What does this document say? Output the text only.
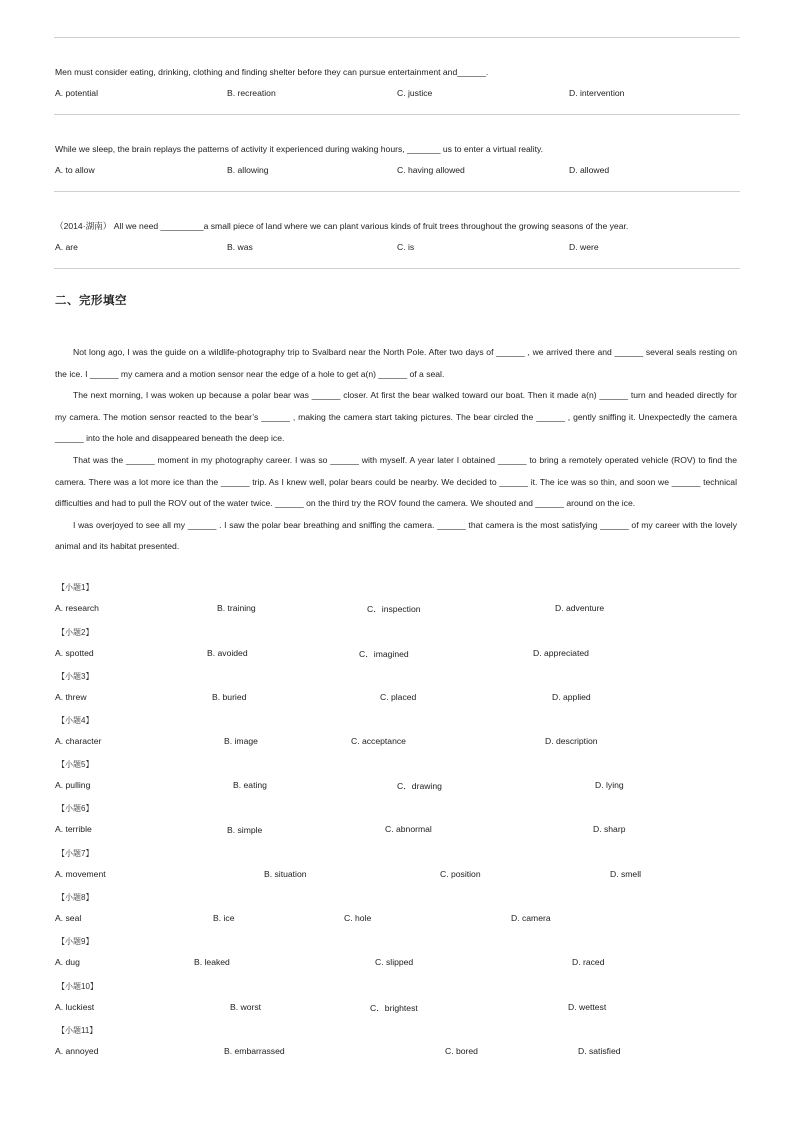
Men must consider eating, drinking, clothing and finding shelter before they can pursue entertainment and______.
A. potential	B. recreation	C. justice	D. intervention
While we sleep, the brain replays the patterns of activity it experienced during waking hours, _______ us to enter a virtual reality.
A. to allow	B. allowing	C. having allowed	D. allowed
（2014·湖南） All we need _________a small piece of land where we can plant various kinds of fruit trees throughout the growing seasons of the year.
A. are	B. was	C. is	D. were
二、完形填空

Not long ago, I was the guide on a wildlife-photography trip to Svalbard near the North Pole. After two days of ______ , we arrived there and ______ several seals resting on the ice. I ______ my camera and a motion sensor near the edge of a hole to get a(n) ______ of a seal.

The next morning, I was woken up because a polar bear was ______ closer. At first the bear walked toward our boat. Then it made a(n) ______ turn and headed directly for my camera. The motion sensor reacted to the bear’s ______ , making the camera start taking pictures. The bear circled the ______ , gently sniffing it. Unexpectedly the camera ______ into the hole and disappeared beneath the deep ice.

That was the ______ moment in my photography career. I was so ______ with myself. A year later I obtained ______ to bring a remotely operated vehicle (ROV) to find the camera. There was a lot more ice than the ______ trip. As I knew well, polar bears could be nearby. We decided to ______ it. The ice was so thin, and soon we ______ technical difficulties and had to pull the ROV out of the water twice. ______ on the third try the ROV found the camera. We shouted and ______ around on the ice.

I was overjoyed to see all my ______ . I saw the polar bear breathing and sniffing the camera. ______ that camera is the most satisfying ______ of my career with the lovely animal and its habitat presented.

【小题1】
A. research	B. training	C．inspection	D. adventure
【小题2】
A. spotted	B. avoided	C．imagined	D. appreciated
【小题3】
A. threw	B. buried	C. placed	D. applied
【小题4】
A. character	B. image	C. acceptance	D. description
【小题5】
A. pulling	B. eating	C．drawing	D. lying
【小题6】
A. terrible	B. simple	C. abnormal	D. sharp
【小题7】
A. movement	B. situation	C. position	D. smell
【小题8】
A. seal	B. ice	C. hole	D. camera
【小题9】
A. dug	B. leaked	C. slipped	D. raced
【小题10】
A. luckiest	B. worst	C．brightest	D. wettest
【小题11】
A. annoyed	B. embarrassed	C. bored	D. satisfied
